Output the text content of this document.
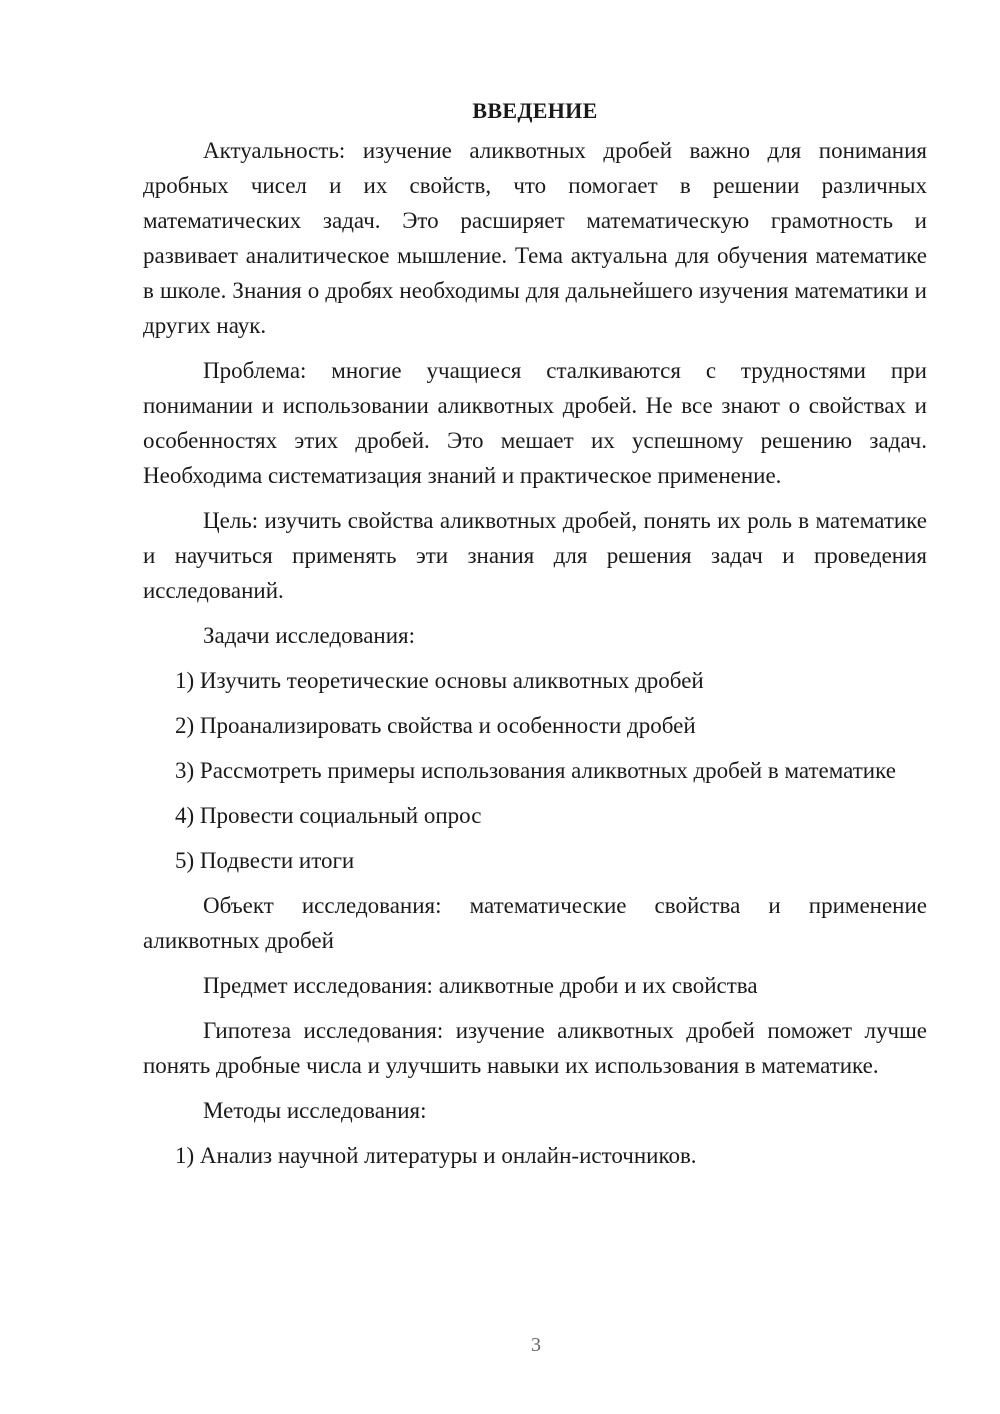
ВВЕДЕНИЕ

Актуальность: изучение аликвотных дробей важно для понимания дробных чисел и их свойств, что помогает в решении различных математических задач. Это расширяет математическую грамотность и развивает аналитическое мышление. Тема актуальна для обучения математике в школе. Знания о дробях необходимы для дальнейшего изучения математики и других наук.

Проблема: многие учащиеся сталкиваются с трудностями при понимании и использовании аликвотных дробей. Не все знают о свойствах и особенностях этих дробей. Это мешает их успешному решению задач. Необходима систематизация знаний и практическое применение.

Цель: изучить свойства аликвотных дробей, понять их роль в математике и научиться применять эти знания для решения задач и проведения исследований.

Задачи исследования:

1) Изучить теоретические основы аликвотных дробей

2) Проанализировать свойства и особенности дробей

3) Рассмотреть примеры использования аликвотных дробей в математике

4) Провести социальный опрос

5) Подвести итоги

Объект исследования: математические свойства и применение аликвотных дробей

Предмет исследования: аликвотные дроби и их свойства

Гипотеза исследования: изучение аликвотных дробей поможет лучше понять дробные числа и улучшить навыки их использования в математике.

Методы исследования:

1) Анализ научной литературы и онлайн-источников.

3
